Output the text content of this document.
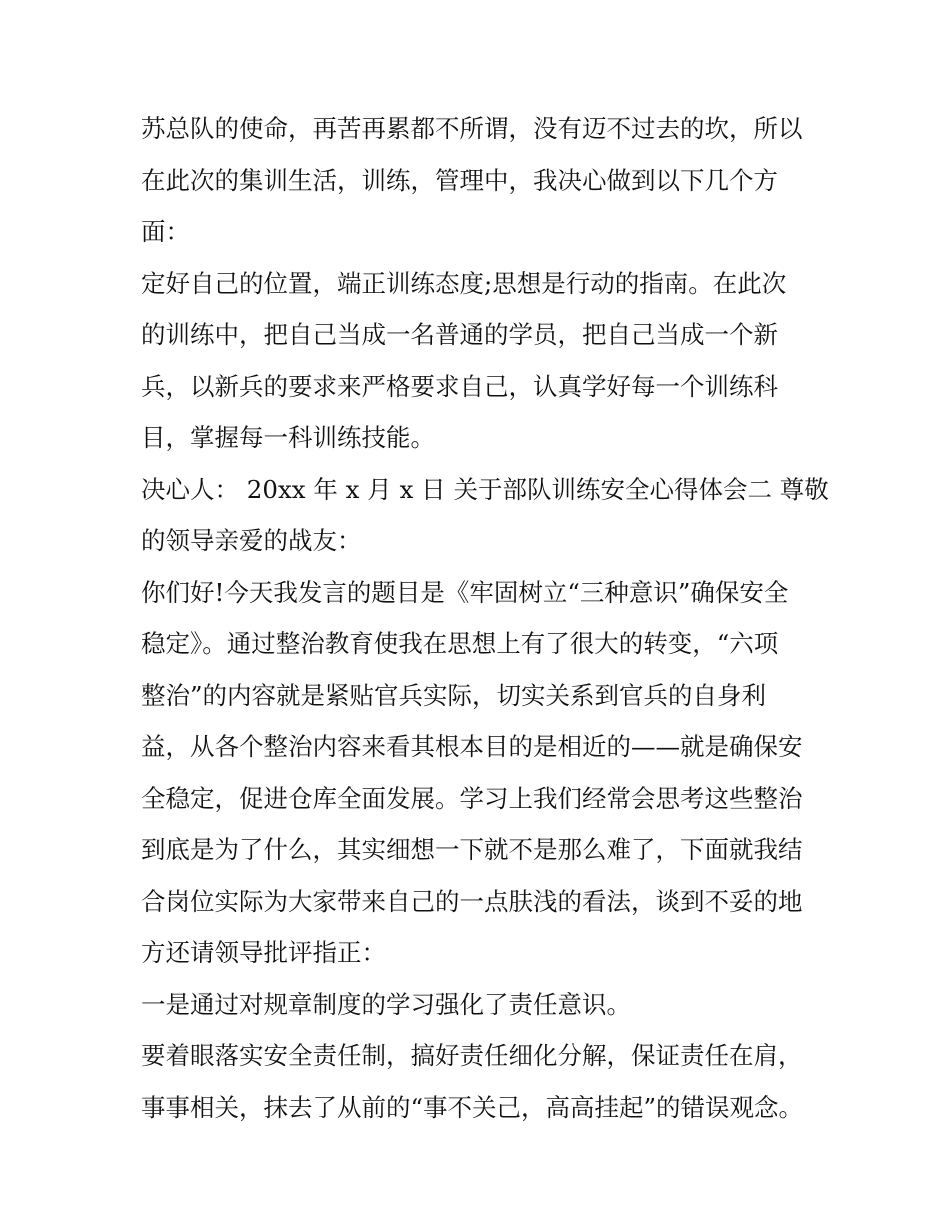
苏总队的使命，再苦再累都不所谓，没有迈不过去的坎，所以
在此次的集训生活，训练，管理中，我决心做到以下几个方
面：
定好自己的位置，端正训练态度;思想是行动的指南。在此次
的训练中，把自己当成一名普通的学员，把自己当成一个新
兵，以新兵的要求来严格要求自己，认真学好每一个训练科
目，掌握每一科训练技能。
决心人： 20xx 年 x 月 x 日 关于部队训练安全心得体会二 尊敬
的领导亲爱的战友：
你们好!今天我发言的题目是《牢固树立“三种意识”确保安全
稳定》。通过整治教育使我在思想上有了很大的转变，“六项
整治”的内容就是紧贴官兵实际，切实关系到官兵的自身利
益，从各个整治内容来看其根本目的是相近的——就是确保安
全稳定，促进仓库全面发展。学习上我们经常会思考这些整治
到底是为了什么，其实细想一下就不是那么难了，下面就我结
合岗位实际为大家带来自己的一点肤浅的看法，谈到不妥的地
方还请领导批评指正：
一是通过对规章制度的学习强化了责任意识。
要着眼落实安全责任制，搞好责任细化分解，保证责任在肩，
事事相关，抹去了从前的“事不关己，高高挂起”的错误观念。
